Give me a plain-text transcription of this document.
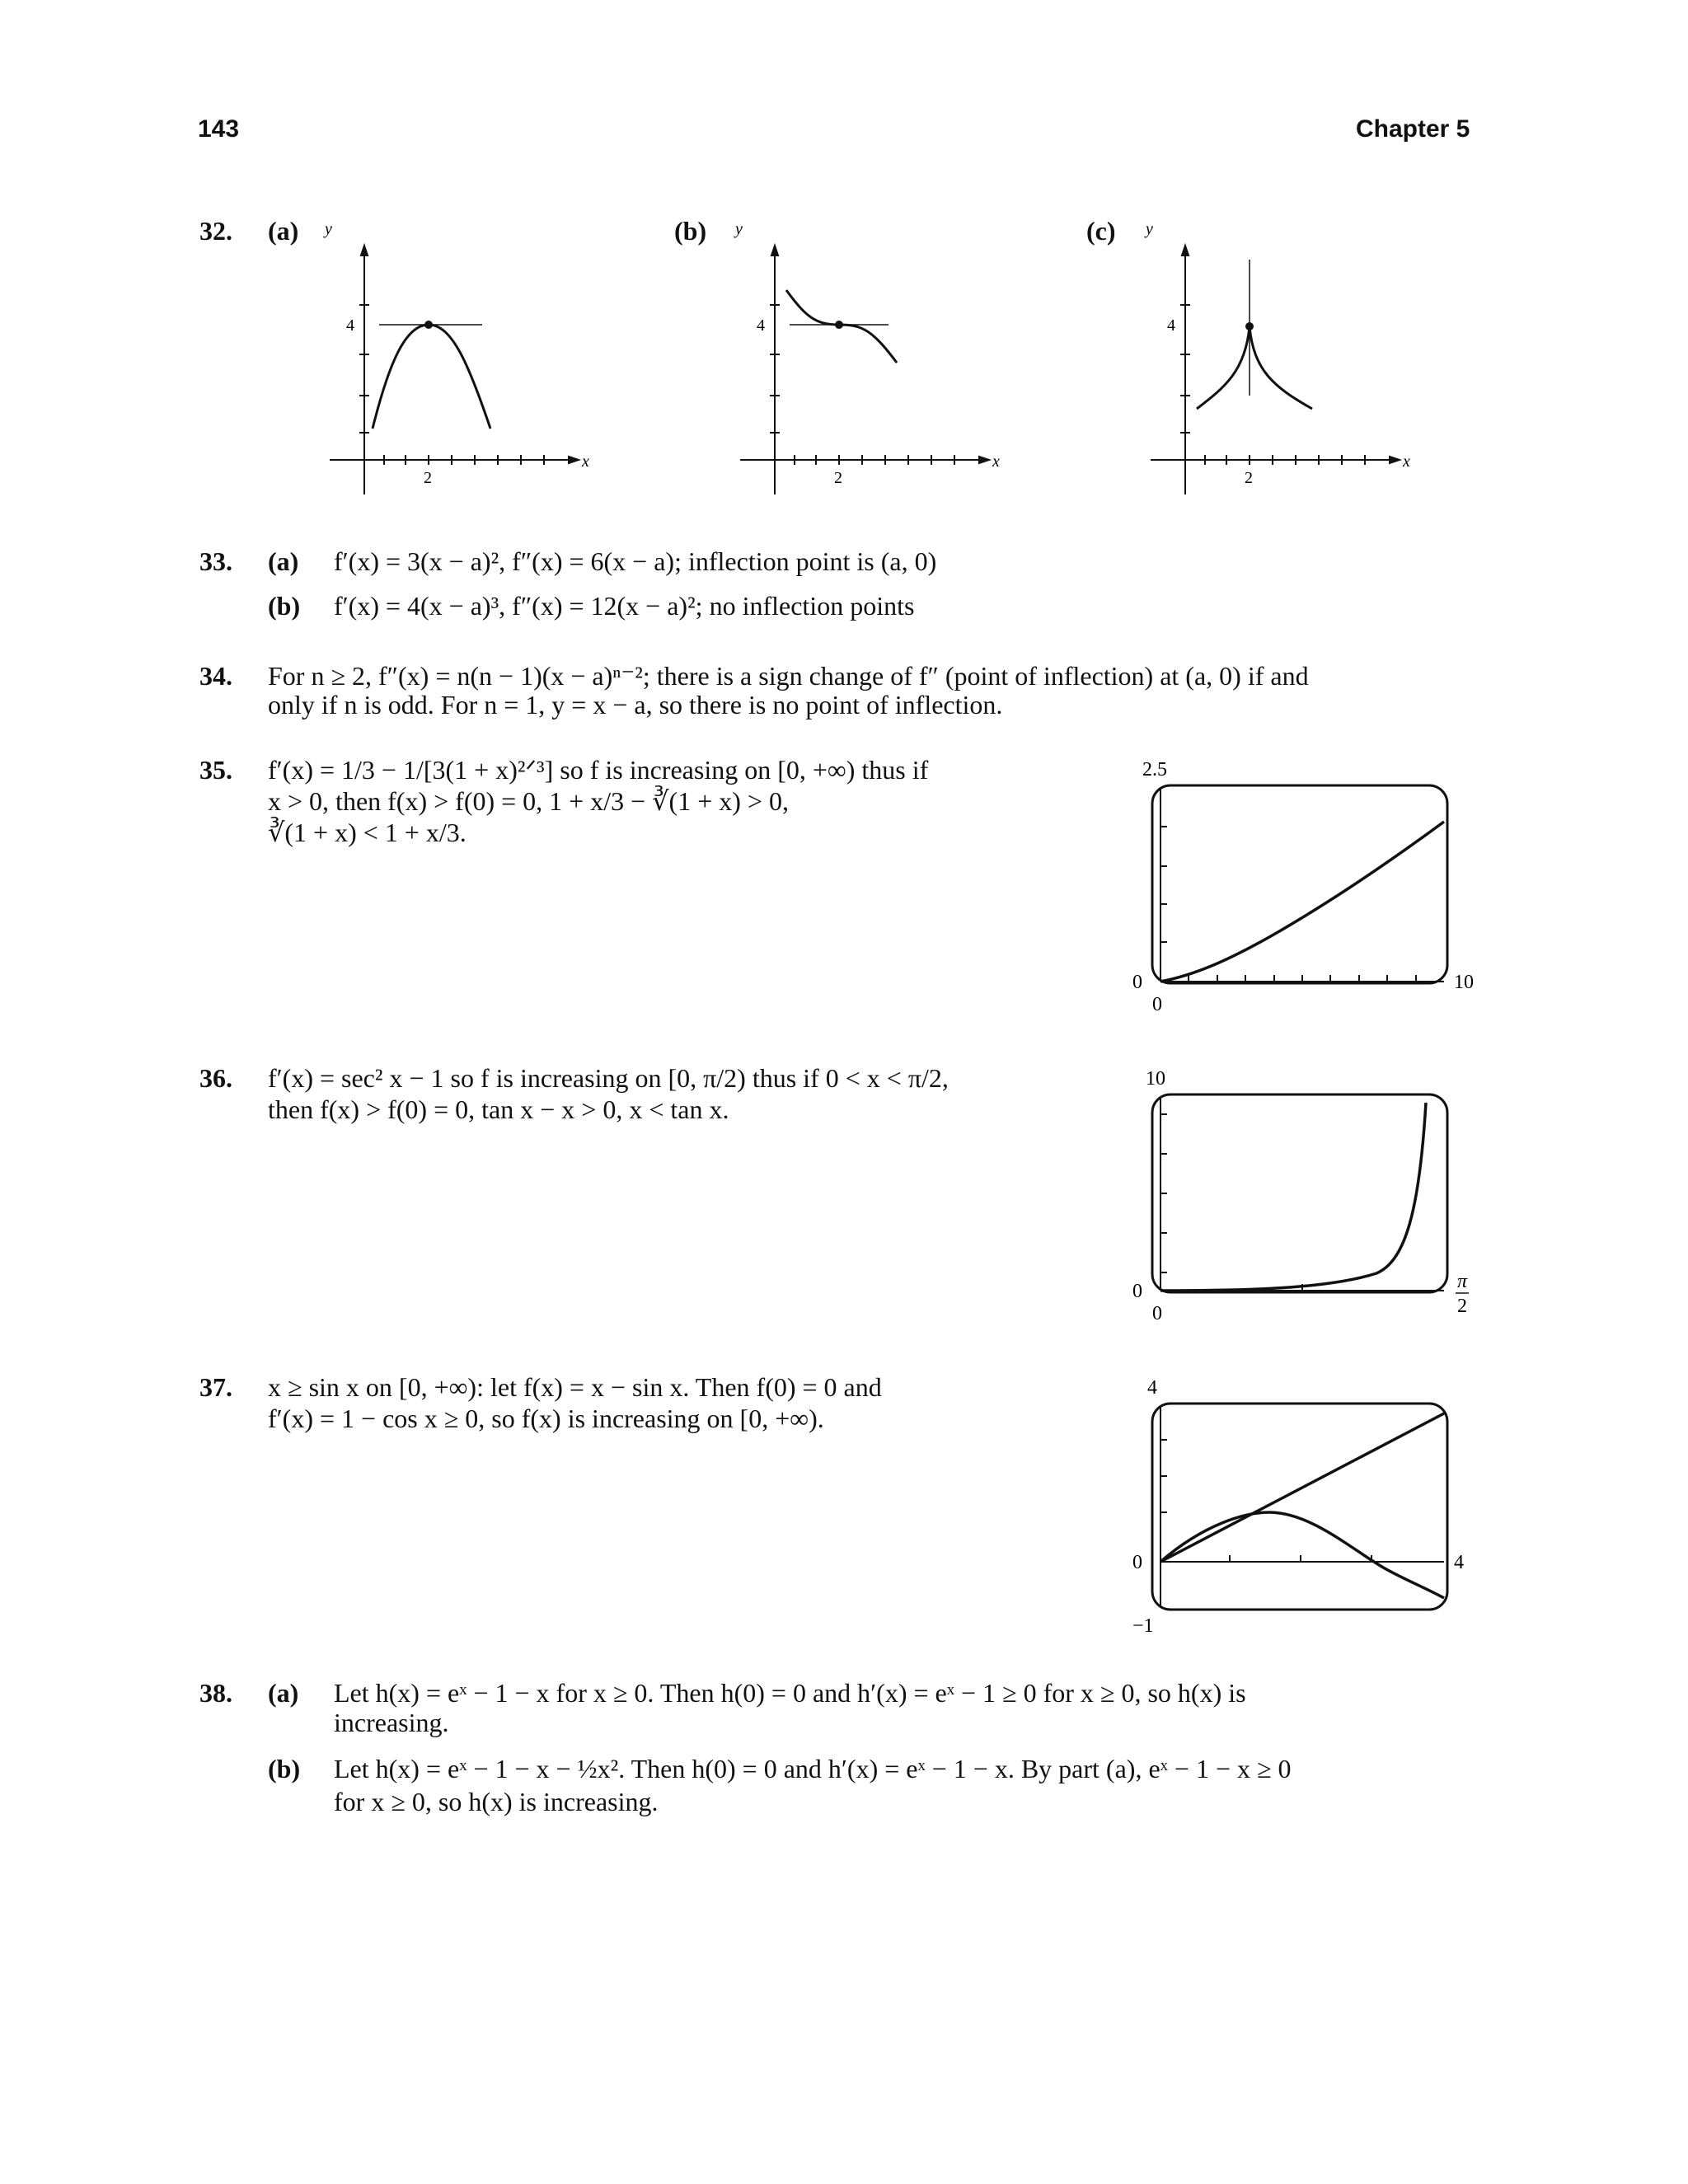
143	Chapter 5
32. (a)	(b)	(c)
y
x
4
2
y
x
4
2
y
x
4
2
33. (a) f′(x) = 3(x − a)², f″(x) = 6(x − a); inflection point is (a, 0)
(b) f′(x) = 4(x − a)³, f″(x) = 12(x − a)²; no inflection points
34. For n ≥ 2, f″(x) = n(n − 1)(x − a)ⁿ⁻²; there is a sign change of f″ (point of inflection) at (a, 0) if and
only if n is odd. For n = 1, y = x − a, so there is no point of inflection.
35. f′(x) = 1/3 − 1/[3(1 + x)²ᐟ³] so f is increasing on [0, +∞) thus if
x > 0, then f(x) > f(0) = 0, 1 + x/3 − ∛(1 + x) > 0,
∛(1 + x) < 1 + x/3.
2.5
0
0
10
36. f′(x) = sec² x − 1 so f is increasing on [0, π/2) thus if 0 < x < π/2,
then f(x) > f(0) = 0, tan x − x > 0, x < tan x.
10
0
0
π
2
37. x ≥ sin x on [0, +∞): let f(x) = x − sin x. Then f(0) = 0 and
f′(x) = 1 − cos x ≥ 0, so f(x) is increasing on [0, +∞).
4
0	4
−1
38. (a) Let h(x) = eˣ − 1 − x for x ≥ 0. Then h(0) = 0 and h′(x) = eˣ − 1 ≥ 0 for x ≥ 0, so h(x) is
increasing.
(b) Let h(x) = eˣ − 1 − x − ½x². Then h(0) = 0 and h′(x) = eˣ − 1 − x. By part (a), eˣ − 1 − x ≥ 0
for x ≥ 0, so h(x) is increasing.
